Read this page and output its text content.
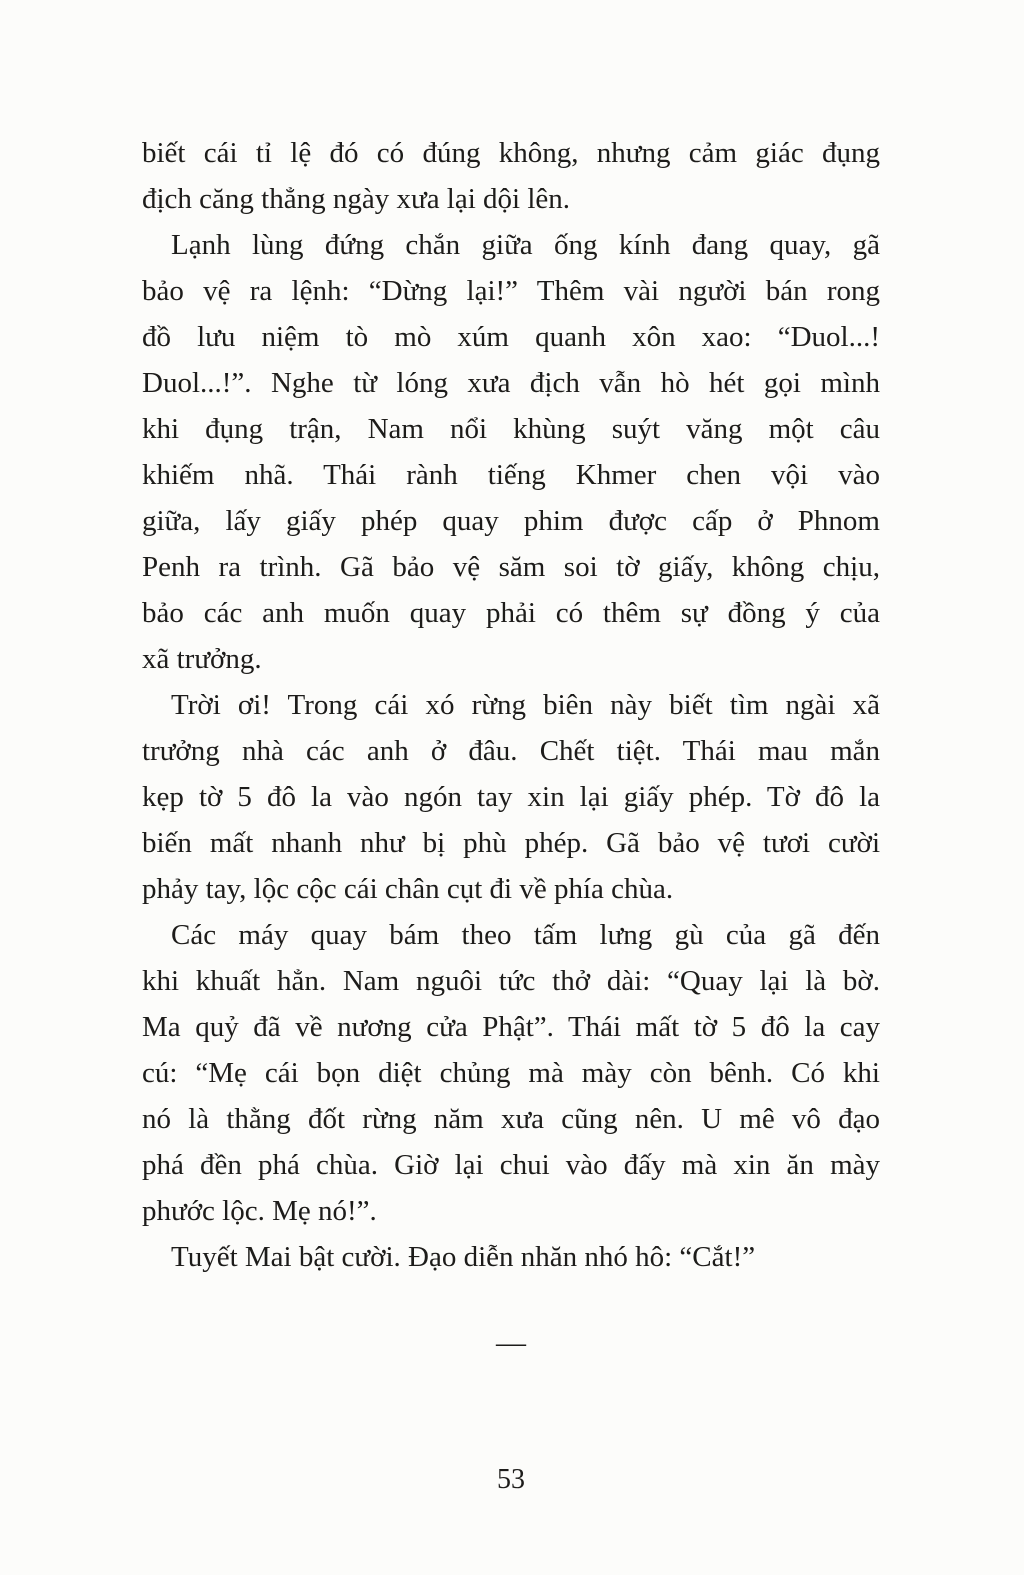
biết cái tỉ lệ đó có đúng không, nhưng cảm giác đụng
địch căng thẳng ngày xưa lại dội lên.
Lạnh lùng đứng chắn giữa ống kính đang quay, gã
bảo vệ ra lệnh: “Dừng lại!” Thêm vài người bán rong
đồ lưu niệm tò mò xúm quanh xôn xao: “Duol...!
Duol...!”. Nghe từ lóng xưa địch vẫn hò hét gọi mình
khi đụng trận, Nam nổi khùng suýt văng một câu
khiếm nhã. Thái rành tiếng Khmer chen vội vào
giữa, lấy giấy phép quay phim được cấp ở Phnom
Penh ra trình. Gã bảo vệ săm soi tờ giấy, không chịu,
bảo các anh muốn quay phải có thêm sự đồng ý của
xã trưởng.
Trời ơi! Trong cái xó rừng biên này biết tìm ngài xã
trưởng nhà các anh ở đâu. Chết tiệt. Thái mau mắn
kẹp tờ 5 đô la vào ngón tay xin lại giấy phép. Tờ đô la
biến mất nhanh như bị phù phép. Gã bảo vệ tươi cười
phảy tay, lộc cộc cái chân cụt đi về phía chùa.
Các máy quay bám theo tấm lưng gù của gã đến
khi khuất hẳn. Nam nguôi tức thở dài: “Quay lại là bờ.
Ma quỷ đã về nương cửa Phật”. Thái mất tờ 5 đô la cay
cú: “Mẹ cái bọn diệt chủng mà mày còn bênh. Có khi
nó là thằng đốt rừng năm xưa cũng nên. U mê vô đạo
phá đền phá chùa. Giờ lại chui vào đấy mà xin ăn mày
phước lộc. Mẹ nó!”.
Tuyết Mai bật cười. Đạo diễn nhăn nhó hô: “Cắt!”
—
53
